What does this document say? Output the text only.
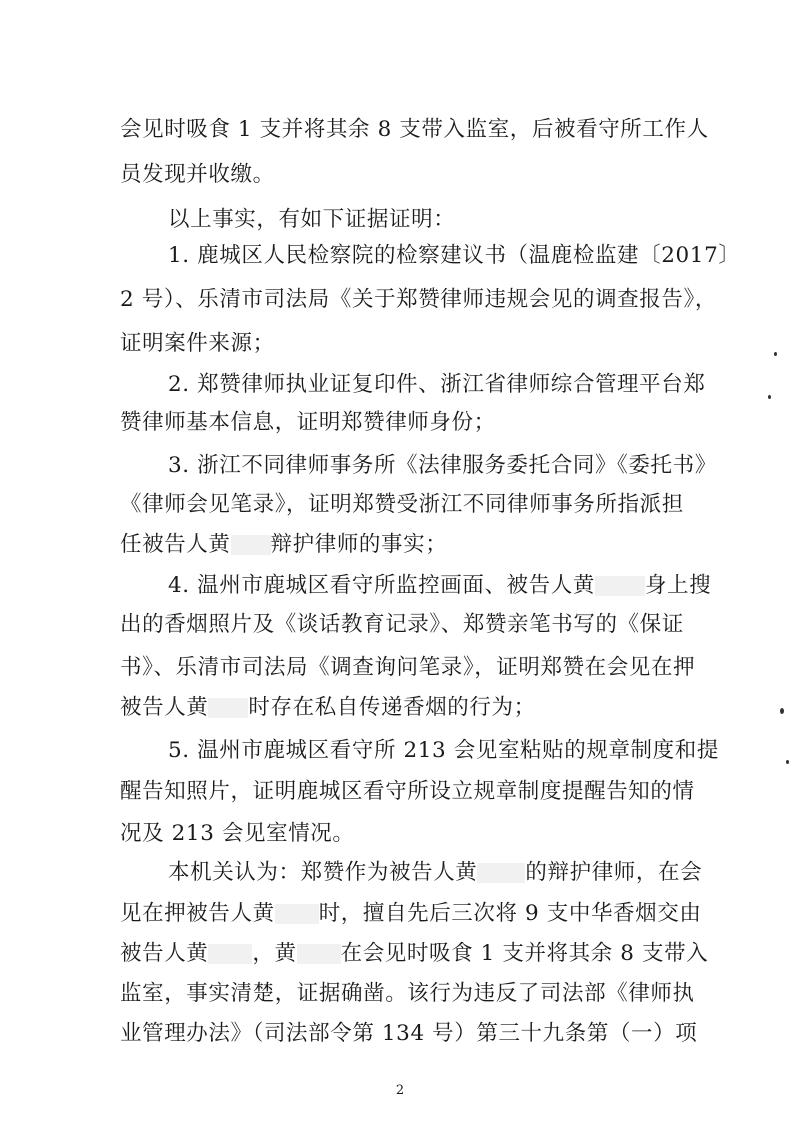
会见时吸食 1 支并将其余 8 支带入监室，后被看守所工作人
员发现并收缴。
以上事实，有如下证据证明：
1. 鹿城区人民检察院的检察建议书（温鹿检监建〔2017〕
2 号）、乐清市司法局《关于郑赞律师违规会见的调查报告》，
证明案件来源；
2. 郑赞律师执业证复印件、浙江省律师综合管理平台郑
赞律师基本信息，证明郑赞律师身份；
3. 浙江不同律师事务所《法律服务委托合同》《委托书》
《律师会见笔录》，证明郑赞受浙江不同律师事务所指派担
任被告人黄 辩护律师的事实；
4. 温州市鹿城区看守所监控画面、被告人黄 身上搜
出的香烟照片及《谈话教育记录》、郑赞亲笔书写的《保证
书》、乐清市司法局《调查询问笔录》，证明郑赞在会见在押
被告人黄 时存在私自传递香烟的行为；
5. 温州市鹿城区看守所 213 会见室粘贴的规章制度和提
醒告知照片，证明鹿城区看守所设立规章制度提醒告知的情
况及 213 会见室情况。
本机关认为：郑赞作为被告人黄 的辩护律师，在会
见在押被告人黄 时，擅自先后三次将 9 支中华香烟交由
被告人黄 ，黄 在会见时吸食 1 支并将其余 8 支带入
监室，事实清楚，证据确凿。该行为违反了司法部《律师执
业管理办法》（司法部令第 134 号）第三十九条第（一）项
2
